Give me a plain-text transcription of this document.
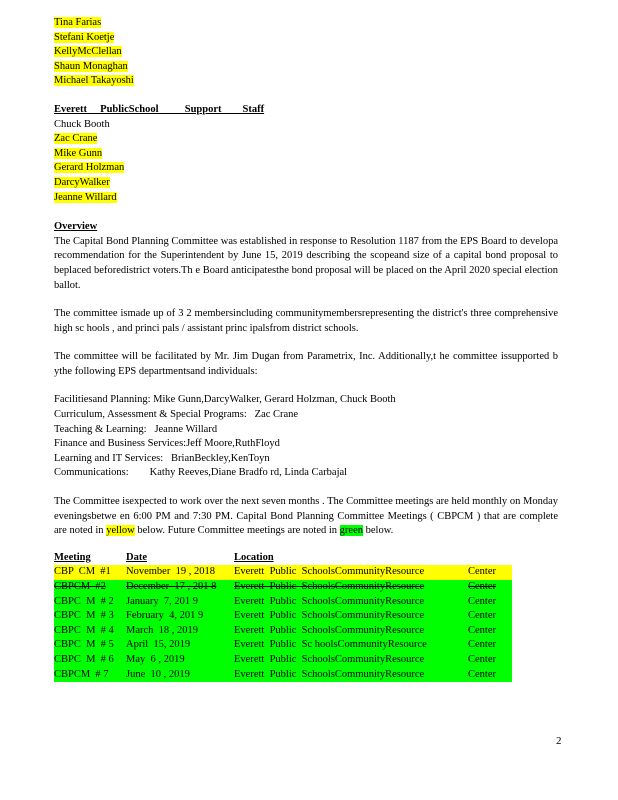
Tina Farias
Stefani Koetje
KellyMcClellan
Shaun Monaghan
Michael Takayoshi
Everett     PublicSchool          Support        Staff
Chuck Booth
Zac Crane
Mike Gunn
Gerard Holzman
DarcyWalker
Jeanne Willard
Overview
The Capital Bond Planning Committee was established in response to Resolution 1187 from the EPS Board to developa recommendation for the Superintendent by June 15, 2019 describing the scopeand size of a capital bond proposal to beplaced beforedistrict voters.Th e Board anticipatesthe bond proposal will be placed on the April 2020 special election ballot.
The committee ismade up of 3 2 membersincluding communitymembersrepresenting the district's three comprehensive high sc hools , and princi pals / assistant princ ipalsfrom district schools.
The committee will be facilitated by Mr. Jim Dugan from Parametrix, Inc. Additionally,t he committee issupported b ythe following EPS departmentsand individuals:
Facilitiesand Planning:
Mike Gunn,DarcyWalker, Gerard Holzman, Chuck Booth
Curriculum, Assessment & Special Programs:
Zac Crane
Teaching & Learning:
Jeanne Willard
Finance and Business Services: Jeff Moore,RuthFloyd
Learning and IT Services:
BrianBeckley,KenToyn
Communications:
Kathy Reeves,Diane Bradfo rd, Linda Carbajal
The Committee isexpected to work over the next seven months . The Committee meetings are held monthly on Monday eveningsbetwe en 6:00 PM and 7:30 PM. Capital Bond Planning Committee Meetings ( CBPCM ) that are complete are noted in yellow below. Future Committee meetings are noted in green below.
Meeting	Date	Location	
CBP  CM  #1	November  19 , 2018	Everett  Public  SchoolsCommunityResource	Center
CBPCM  #2	December  17 , 201 8	Everett  Public  SchoolsCommunityResource	Center
CBPC  M  # 2	January  7, 201 9	Everett  Public  SchoolsCommunityResource	Center
CBPC  M  # 3	February  4, 201 9	Everett  Public  SchoolsCommunityResource	Center
CBPC  M  # 4	March  18 , 2019	Everett  Public  SchoolsCommunityResource	Center
CBPC  M  # 5	April  15, 2019	Everett  Public  Sc hoolsCommunityResource	Center
CBPC  M  # 6	May  6 , 2019	Everett  Public  SchoolsCommunityResource	Center
CBPCM  # 7	June  10 , 2019	Everett  Public  SchoolsCommunityResource	Center
2
